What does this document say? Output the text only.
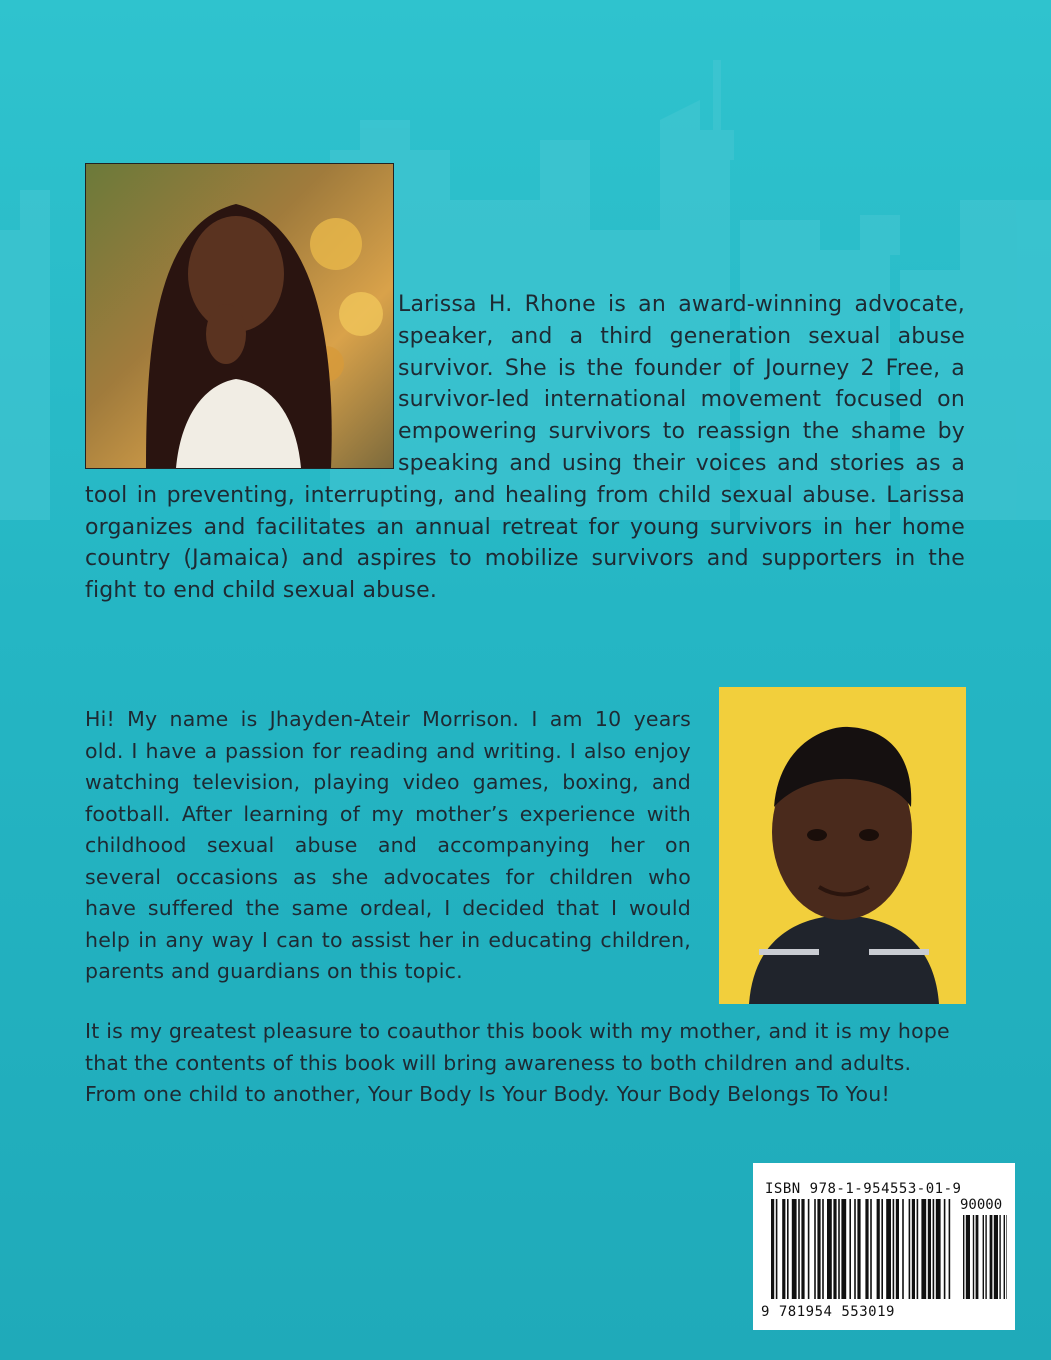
Larissa H. Rhone is an award-winning advocate,
speaker, and a third generation sexual abuse
survivor. She is the founder of Journey 2 Free, a
survivor-led international movement focused on
empowering survivors to reassign the shame by
speaking and using their voices and stories as a
tool in preventing, interrupting, and healing from child sexual abuse. Larissa
organizes and facilitates an annual retreat for young survivors in her home
country (Jamaica) and aspires to mobilize survivors and supporters in the
fight to end child sexual abuse.
Hi! My name is Jhayden-Ateir Morrison. I am 10 years
old. I have a passion for reading and writing. I also enjoy
watching television, playing video games, boxing, and
football. After learning of my mother’s experience with
childhood sexual abuse and accompanying her on
several occasions as she advocates for children who
have suffered the same ordeal, I decided that I would
help in any way I can to assist her in educating children,
parents and guardians on this topic.
It is my greatest pleasure to coauthor this book with my mother, and it is my hope
that the contents of this book will bring awareness to both children and adults.
From one child to another, Your Body Is Your Body. Your Body Belongs To You!
ISBN 978-1-954553-01-9
90000
9 781954 553019
